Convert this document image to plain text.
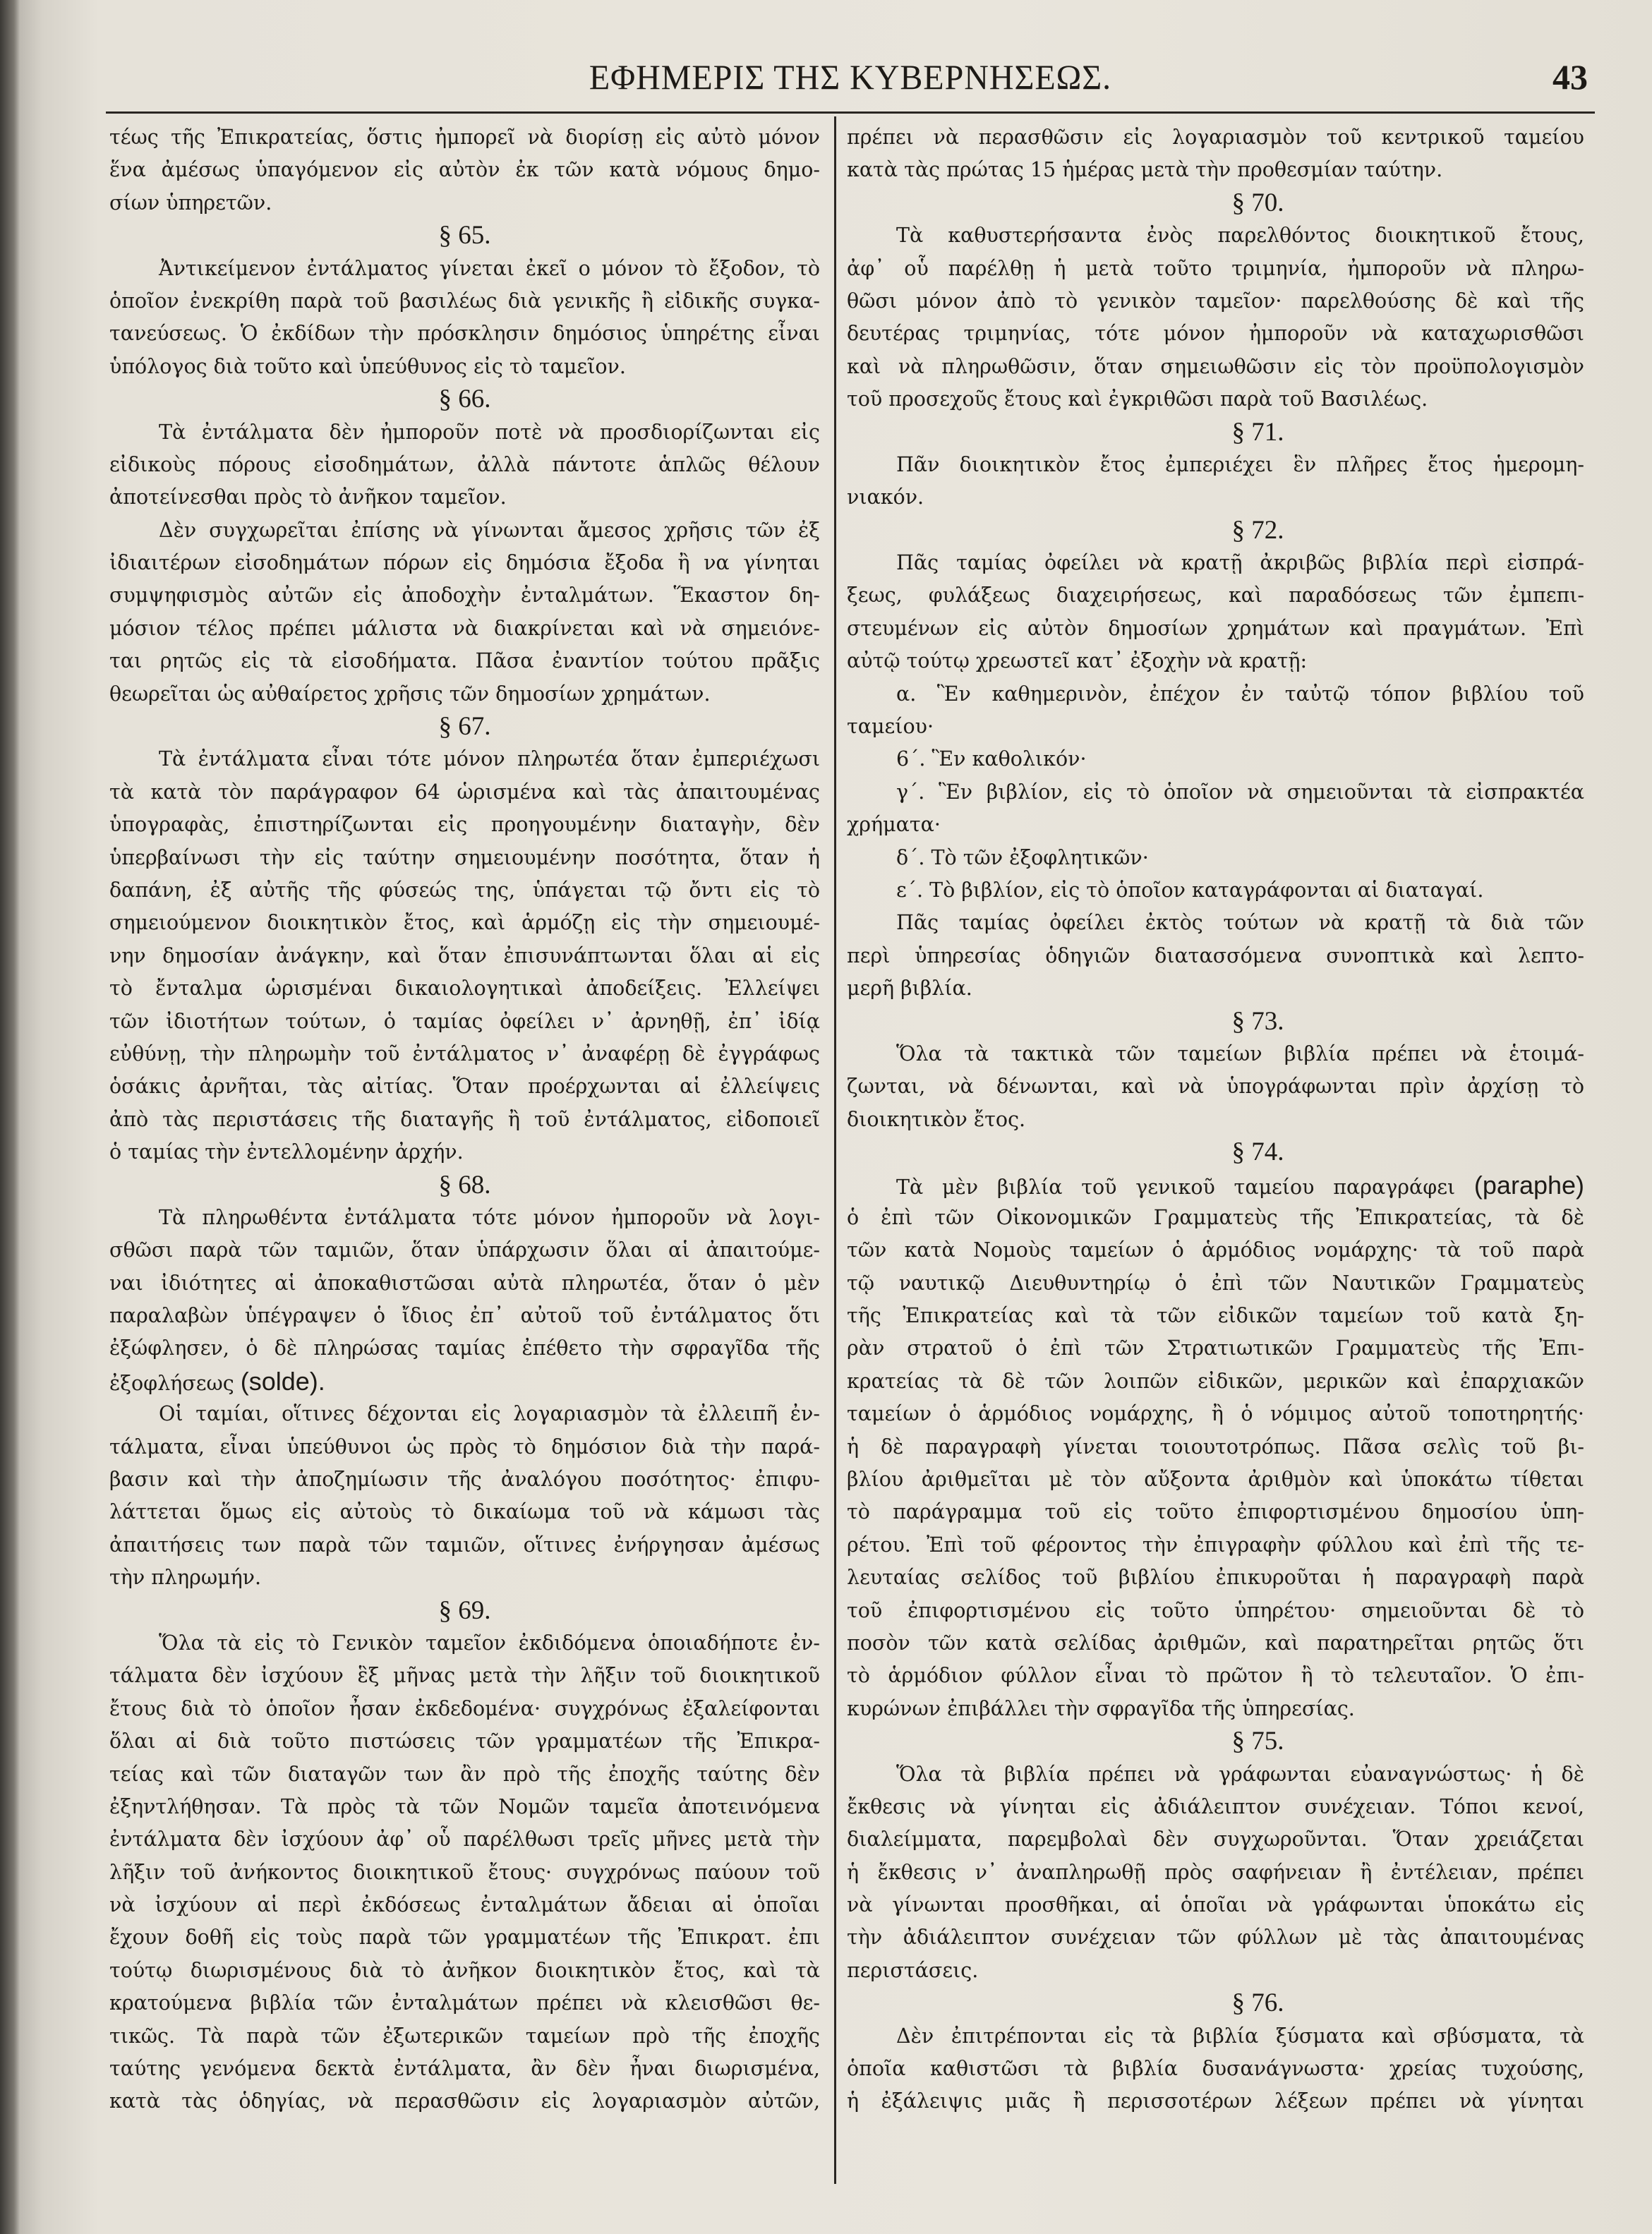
ΕΦΗΜΕΡΙΣ ΤΗΣ ΚΥΒΕΡΝΗΣΕΩΣ.	43
τέως τῆς Ἐπικρατείας, ὅστις ἠμπορεῖ νὰ διορίσῃ εἰς αὐτὸ μόνον
ἕνα ἀμέσως ὑπαγόμενον εἰς αὐτὸν ἐκ τῶν κατὰ νόμους δημο-
σίων ὑπηρετῶν.
§ 65.
Ἀντικείμενον ἐντάλματος γίνεται ἐκεῖ ο μόνον τὸ ἔξοδον, τὸ
ὁποῖον ἐνεκρίθη παρὰ τοῦ βασιλέως διὰ γενικῆς ἢ εἰδικῆς συγκα-
τανεύσεως. Ὁ ἐκδίδων τὴν πρόσκλησιν δημόσιος ὑπηρέτης εἶναι
ὑπόλογος διὰ τοῦτο καὶ ὑπεύθυνος εἰς τὸ ταμεῖον.
§ 66.
Τὰ ἐντάλματα δὲν ἠμποροῦν ποτὲ νὰ προσδιορίζωνται εἰς
εἰδικοὺς πόρους εἰσοδημάτων, ἀλλὰ πάντοτε ἁπλῶς θέλουν
ἀποτείνεσθαι πρὸς τὸ ἀνῆκον ταμεῖον.
Δὲν συγχωρεῖται ἐπίσης νὰ γίνωνται ἄμεσος χρῆσις τῶν ἐξ
ἰδιαιτέρων εἰσοδημάτων πόρων εἰς δημόσια ἔξοδα ἢ να γίνηται
συμψηφισμὸς αὐτῶν εἰς ἀποδοχὴν ἐνταλμάτων. Ἕκαστον δη-
μόσιον τέλος πρέπει μάλιστα νὰ διακρίνεται καὶ νὰ σημειόνε-
ται ρητῶς εἰς τὰ εἰσοδήματα. Πᾶσα ἐναντίον τούτου πρᾶξις
θεωρεῖται ὡς αὐθαίρετος χρῆσις τῶν δημοσίων χρημάτων.
§ 67.
Τὰ ἐντάλματα εἶναι τότε μόνον πληρωτέα ὅταν ἐμπεριέχωσι
τὰ κατὰ τὸν παράγραφον 64 ὡρισμένα καὶ τὰς ἀπαιτουμένας
ὑπογραφὰς, ἐπιστηρίζωνται εἰς προηγουμένην διαταγὴν, δὲν
ὑπερβαίνωσι τὴν εἰς ταύτην σημειουμένην ποσότητα, ὅταν ἡ
δαπάνη, ἐξ αὐτῆς τῆς φύσεώς της, ὑπάγεται τῷ ὄντι εἰς τὸ
σημειούμενον διοικητικὸν ἔτος, καὶ ἁρμόζῃ εἰς τὴν σημειουμέ-
νην δημοσίαν ἀνάγκην, καὶ ὅταν ἐπισυνάπτωνται ὅλαι αἱ εἰς
τὸ ἔνταλμα ὡρισμέναι δικαιολογητικαὶ ἀποδείξεις. Ἐλλείψει
τῶν ἰδιοτήτων τούτων, ὁ ταμίας ὀφείλει ν᾽ ἀρνηθῇ, ἐπ᾽ ἰδίᾳ
εὐθύνῃ, τὴν πληρωμὴν τοῦ ἐντάλματος ν᾽ ἀναφέρῃ δὲ ἐγγράφως
ὁσάκις ἀρνῆται, τὰς αἰτίας. Ὅταν προέρχωνται αἱ ἐλλείψεις
ἀπὸ τὰς περιστάσεις τῆς διαταγῆς ἢ τοῦ ἐντάλματος, εἰδοποιεῖ
ὁ ταμίας τὴν ἐντελλομένην ἀρχήν.
§ 68.
Τὰ πληρωθέντα ἐντάλματα τότε μόνον ἠμποροῦν νὰ λογι-
σθῶσι παρὰ τῶν ταμιῶν, ὅταν ὑπάρχωσιν ὅλαι αἱ ἀπαιτούμε-
ναι ἰδιότητες αἱ ἀποκαθιστῶσαι αὐτὰ πληρωτέα, ὅταν ὁ μὲν
παραλαβὼν ὑπέγραψεν ὁ ἴδιος ἐπ᾽ αὐτοῦ τοῦ ἐντάλματος ὅτι
ἐξώφλησεν, ὁ δὲ πληρώσας ταμίας ἐπέθετο τὴν σφραγῖδα τῆς
ἐξοφλήσεως (solde).
Οἱ ταμίαι, οἵτινες δέχονται εἰς λογαριασμὸν τὰ ἐλλειπῆ ἐν-
τάλματα, εἶναι ὑπεύθυνοι ὡς πρὸς τὸ δημόσιον διὰ τὴν παρά-
βασιν καὶ τὴν ἀποζημίωσιν τῆς ἀναλόγου ποσότητος· ἐπιφυ-
λάττεται ὅμως εἰς αὐτοὺς τὸ δικαίωμα τοῦ νὰ κάμωσι τὰς
ἀπαιτήσεις των παρὰ τῶν ταμιῶν, οἵτινες ἐνήργησαν ἀμέσως
τὴν πληρωμήν.
§ 69.
Ὅλα τὰ εἰς τὸ Γενικὸν ταμεῖον ἐκδιδόμενα ὁποιαδήποτε ἐν-
τάλματα δὲν ἰσχύουν ἓξ μῆνας μετὰ τὴν λῆξιν τοῦ διοικητικοῦ
ἔτους διὰ τὸ ὁποῖον ἦσαν ἐκδεδομένα· συγχρόνως ἐξαλείφονται
ὅλαι αἱ διὰ τοῦτο πιστώσεις τῶν γραμματέων τῆς Ἐπικρα-
τείας καὶ τῶν διαταγῶν των ἂν πρὸ τῆς ἐποχῆς ταύτης δὲν
ἐξηντλήθησαν. Τὰ πρὸς τὰ τῶν Νομῶν ταμεῖα ἀποτεινόμενα
ἐντάλματα δὲν ἰσχύουν ἀφ᾽ οὗ παρέλθωσι τρεῖς μῆνες μετὰ τὴν
λῆξιν τοῦ ἀνήκοντος διοικητικοῦ ἔτους· συγχρόνως παύουν τοῦ
νὰ ἰσχύουν αἱ περὶ ἐκδόσεως ἐνταλμάτων ἄδειαι αἱ ὁποῖαι
ἔχουν δοθῆ εἰς τοὺς παρὰ τῶν γραμματέων τῆς Ἐπικρατ. ἐπι
τούτῳ διωρισμένους διὰ τὸ ἀνῆκον διοικητικὸν ἔτος, καὶ τὰ
κρατούμενα βιβλία τῶν ἐνταλμάτων πρέπει νὰ κλεισθῶσι θε-
τικῶς. Τὰ παρὰ τῶν ἐξωτερικῶν ταμείων πρὸ τῆς ἐποχῆς
ταύτης γενόμενα δεκτὰ ἐντάλματα, ἂν δὲν ἦναι διωρισμένα,
κατὰ τὰς ὁδηγίας, νὰ περασθῶσιν εἰς λογαριασμὸν αὐτῶν,
πρέπει νὰ περασθῶσιν εἰς λογαριασμὸν τοῦ κεντρικοῦ ταμείου
κατὰ τὰς πρώτας 15 ἡμέρας μετὰ τὴν προθεσμίαν ταύτην.
§ 70.
Τὰ καθυστερήσαντα ἐνὸς παρελθόντος διοικητικοῦ ἔτους,
ἀφ᾽ οὗ παρέλθῃ ἡ μετὰ τοῦτο τριμηνία, ἠμποροῦν νὰ πληρω-
θῶσι μόνον ἀπὸ τὸ γενικὸν ταμεῖον· παρελθούσης δὲ καὶ τῆς
δευτέρας τριμηνίας, τότε μόνον ἠμποροῦν νὰ καταχωρισθῶσι
καὶ νὰ πληρωθῶσιν, ὅταν σημειωθῶσιν εἰς τὸν προϋπολογισμὸν
τοῦ προσεχοῦς ἔτους καὶ ἐγκριθῶσι παρὰ τοῦ Βασιλέως.
§ 71.
Πᾶν διοικητικὸν ἔτος ἐμπεριέχει ἓν πλῆρες ἔτος ἡμερομη-
νιακόν.
§ 72.
Πᾶς ταμίας ὀφείλει νὰ κρατῇ ἀκριβῶς βιβλία περὶ εἰσπρά-
ξεως, φυλάξεως διαχειρήσεως, καὶ παραδόσεως τῶν ἐμπεπι-
στευμένων εἰς αὐτὸν δημοσίων χρημάτων καὶ πραγμάτων. Ἐπὶ
αὐτῷ τούτῳ χρεωστεῖ κατ᾽ ἐξοχὴν νὰ κρατῇ:
α. Ἓν καθημερινὸν, ἐπέχον ἐν ταὐτῷ τόπον βιβλίου τοῦ
ταμείου·
6΄. Ἓν καθολικόν·
γ΄. Ἓν βιβλίον, εἰς τὸ ὁποῖον νὰ σημειοῦνται τὰ εἰσπρακτέα
χρήματα·
δ΄. Τὸ τῶν ἐξοφλητικῶν·
ε΄. Τὸ βιβλίον, εἰς τὸ ὁποῖον καταγράφονται αἱ διαταγαί.
Πᾶς ταμίας ὀφείλει ἐκτὸς τούτων νὰ κρατῇ τὰ διὰ τῶν
περὶ ὑπηρεσίας ὁδηγιῶν διατασσόμενα συνοπτικὰ καὶ λεπτο-
μερῆ βιβλία.
§ 73.
Ὅλα τὰ τακτικὰ τῶν ταμείων βιβλία πρέπει νὰ ἑτοιμά-
ζωνται, νὰ δένωνται, καὶ νὰ ὑπογράφωνται πρὶν ἀρχίσῃ τὸ
διοικητικὸν ἔτος.
§ 74.
Τὰ μὲν βιβλία τοῦ γενικοῦ ταμείου παραγράφει (paraphe)
ὁ ἐπὶ τῶν Οἰκονομικῶν Γραμματεὺς τῆς Ἐπικρατείας, τὰ δὲ
τῶν κατὰ Νομοὺς ταμείων ὁ ἁρμόδιος νομάρχης· τὰ τοῦ παρὰ
τῷ ναυτικῷ Διευθυντηρίῳ ὁ ἐπὶ τῶν Ναυτικῶν Γραμματεὺς
τῆς Ἐπικρατείας καὶ τὰ τῶν εἰδικῶν ταμείων τοῦ κατὰ ξη-
ρὰν στρατοῦ ὁ ἐπὶ τῶν Στρατιωτικῶν Γραμματεὺς τῆς Ἐπι-
κρατείας τὰ δὲ τῶν λοιπῶν εἰδικῶν, μερικῶν καὶ ἐπαρχιακῶν
ταμείων ὁ ἁρμόδιος νομάρχης, ἢ ὁ νόμιμος αὐτοῦ τοποτηρητής·
ἡ δὲ παραγραφὴ γίνεται τοιουτοτρόπως. Πᾶσα σελὶς τοῦ βι-
βλίου ἀριθμεῖται μὲ τὸν αὔξοντα ἀριθμὸν καὶ ὑποκάτω τίθεται
τὸ παράγραμμα τοῦ εἰς τοῦτο ἐπιφορτισμένου δημοσίου ὑπη-
ρέτου. Ἐπὶ τοῦ φέροντος τὴν ἐπιγραφὴν φύλλου καὶ ἐπὶ τῆς τε-
λευταίας σελίδος τοῦ βιβλίου ἐπικυροῦται ἡ παραγραφὴ παρὰ
τοῦ ἐπιφορτισμένου εἰς τοῦτο ὑπηρέτου· σημειοῦνται δὲ τὸ
ποσὸν τῶν κατὰ σελίδας ἀριθμῶν, καὶ παρατηρεῖται ρητῶς ὅτι
τὸ ἁρμόδιον φύλλον εἶναι τὸ πρῶτον ἢ τὸ τελευταῖον. Ὁ ἐπι-
κυρώνων ἐπιβάλλει τὴν σφραγῖδα τῆς ὑπηρεσίας.
§ 75.
Ὅλα τὰ βιβλία πρέπει νὰ γράφωνται εὐαναγνώστως· ἡ δὲ
ἔκθεσις νὰ γίνηται εἰς ἀδιάλειπτον συνέχειαν. Τόποι κενοί,
διαλείμματα, παρεμβολαὶ δὲν συγχωροῦνται. Ὅταν χρειάζεται
ἡ ἔκθεσις ν᾽ ἀναπληρωθῇ πρὸς σαφήνειαν ἢ ἐντέλειαν, πρέπει
νὰ γίνωνται προσθῆκαι, αἱ ὁποῖαι νὰ γράφωνται ὑποκάτω εἰς
τὴν ἀδιάλειπτον συνέχειαν τῶν φύλλων μὲ τὰς ἀπαιτουμένας
περιστάσεις.
§ 76.
Δὲν ἐπιτρέπονται εἰς τὰ βιβλία ξύσματα καὶ σβύσματα, τὰ
ὁποῖα καθιστῶσι τὰ βιβλία δυσανάγνωστα· χρείας τυχούσης,
ἡ ἐξάλειψις μιᾶς ἢ περισσοτέρων λέξεων πρέπει νὰ γίνηται
